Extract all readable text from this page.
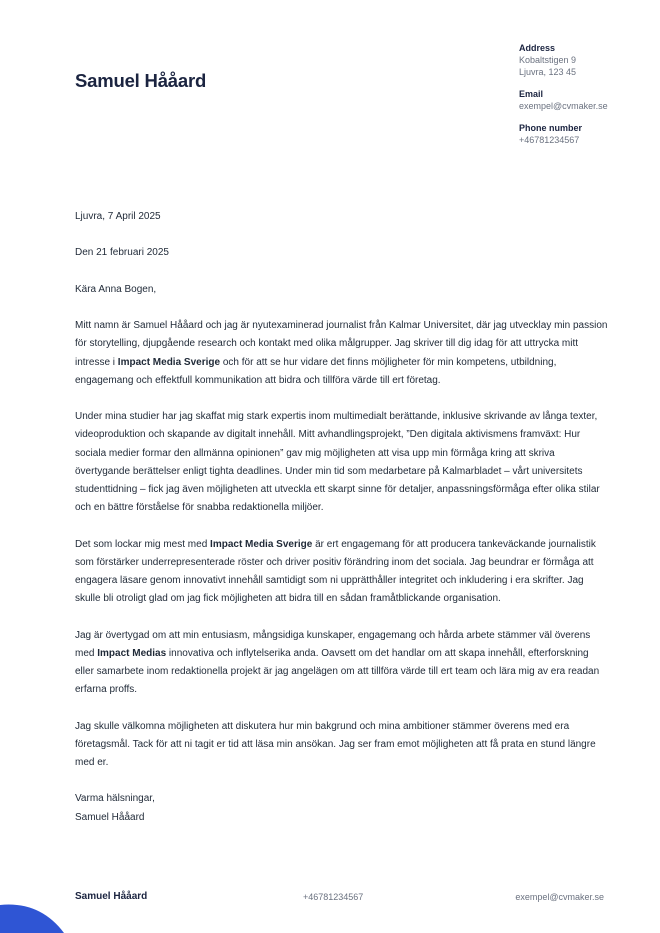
Samuel Hååard
Address
Kobaltstigen 9
Ljuvra, 123 45
Email
exempel@cvmaker.se
Phone number
+46781234567

Ljuvra, 7 April 2025

Den 21 februari 2025

Kära Anna Bogen,

Mitt namn är Samuel Hååard och jag är nyutexaminerad journalist från Kalmar Universitet, där jag utvecklay min passion för storytelling, djupgående research och kontakt med olika målgrupper. Jag skriver till dig idag för att uttrycka mitt intresse i Impact Media Sverige och för att se hur vidare det finns möjligheter för min kompetens, utbildning, engagemang och effektfull kommunikation att bidra och tillföra värde till ert företag.

Under mina studier har jag skaffat mig stark expertis inom multimedialt berättande, inklusive skrivande av långa texter, videoproduktion och skapande av digitalt innehåll. Mitt avhandlingsprojekt, ”Den digitala aktivismens framväxt: Hur sociala medier formar den allmänna opinionen” gav mig möjligheten att visa upp min förmåga kring att skriva övertygande berättelser enligt tighta deadlines. Under min tid som medarbetare på Kalmarbladet – vårt universitets studenttidning – fick jag även möjligheten att utveckla ett skarpt sinne för detaljer, anpassningsförmåga efter olika stilar och en bättre förståelse för snabba redaktionella miljöer.

Det som lockar mig mest med Impact Media Sverige är ert engagemang för att producera tankeväckande journalistik som förstärker underrepresenterade röster och driver positiv förändring inom det sociala. Jag beundrar er förmåga att engagera läsare genom innovativt innehåll samtidigt som ni upprätthåller integritet och inkludering i era skrifter. Jag skulle bli otroligt glad om jag fick möjligheten att bidra till en sådan framåtblickande organisation.

Jag är övertygad om att min entusiasm, mångsidiga kunskaper, engagemang och hårda arbete stämmer väl överens med Impact Medias innovativa och inflytelserika anda. Oavsett om det handlar om att skapa innehåll, efterforskning eller samarbete inom redaktionella projekt är jag angelägen om att tillföra värde till ert team och lära mig av era readan erfarna proffs.

Jag skulle välkomna möjligheten att diskutera hur min bakgrund och mina ambitioner stämmer överens med era företagsmål. Tack för att ni tagit er tid att läsa min ansökan. Jag ser fram emot möjligheten att få prata en stund längre med er.

Varma hälsningar,
Samuel Hååard
Samuel Hååard	+46781234567	exempel@cvmaker.se
